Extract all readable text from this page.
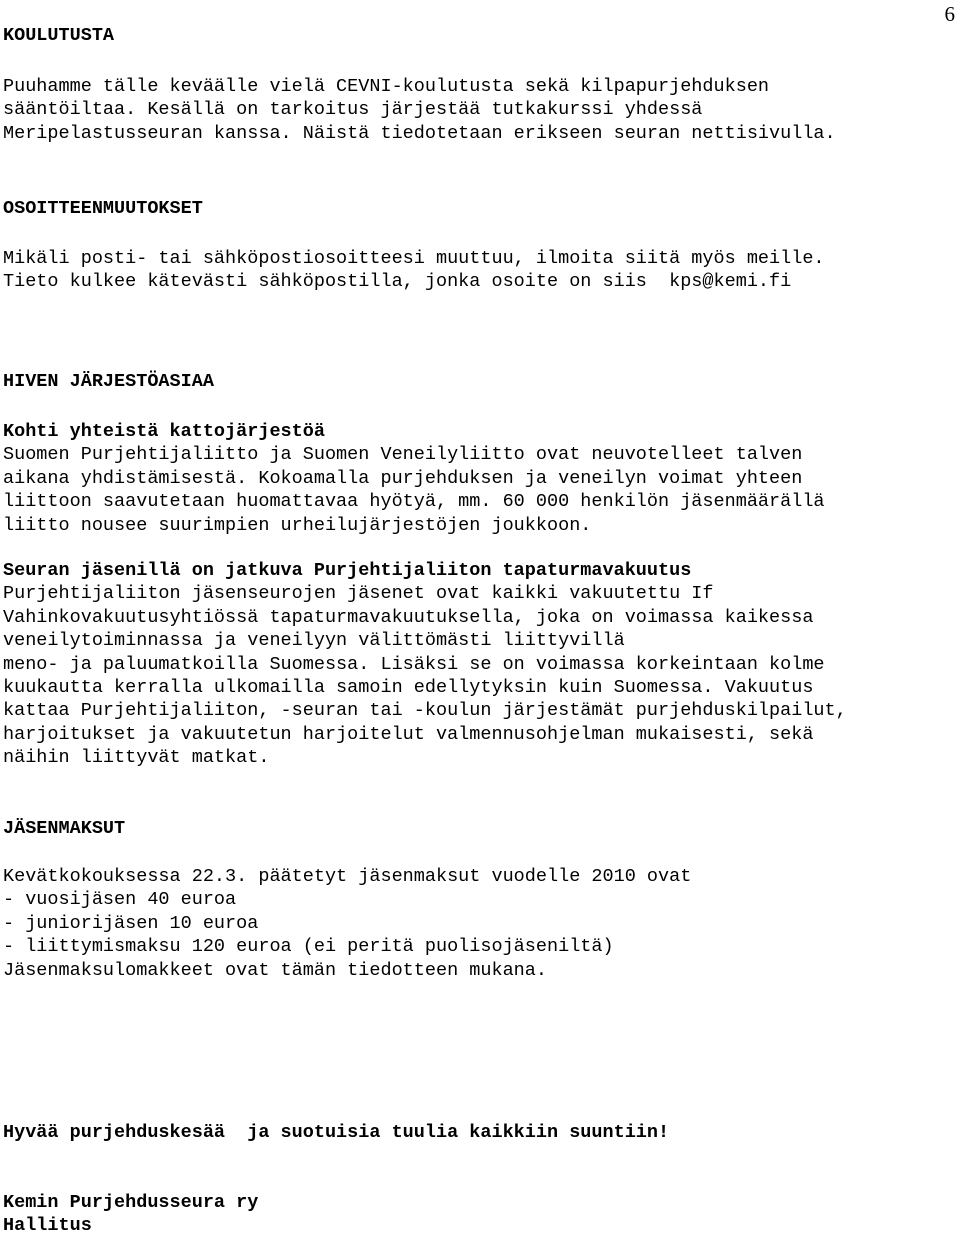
6
KOULUTUSTA
Puuhamme tälle keväälle vielä CEVNI-koulutusta sekä kilpapurjehduksen
sääntöiltaa. Kesällä on tarkoitus järjestää tutkakurssi yhdessä
Meripelastusseuran kanssa. Näistä tiedotetaan erikseen seuran nettisivulla.
OSOITTEENMUUTOKSET
Mikäli posti- tai sähköpostiosoitteesi muuttuu, ilmoita siitä myös meille.
Tieto kulkee kätevästi sähköpostilla, jonka osoite on siis  kps@kemi.fi
HIVEN JÄRJESTÖASIAA
Kohti yhteistä kattojärjestöä
Suomen Purjehtijaliitto ja Suomen Veneilyliitto ovat neuvotelleet talven
aikana yhdistämisestä. Kokoamalla purjehduksen ja veneilyn voimat yhteen
liittoon saavutetaan huomattavaa hyötyä, mm. 60 000 henkilön jäsenmäärällä
liitto nousee suurimpien urheilujärjestöjen joukkoon.
Seuran jäsenillä on jatkuva Purjehtijaliiton tapaturmavakuutus
Purjehtijaliiton jäsenseurojen jäsenet ovat kaikki vakuutettu If
Vahinkovakuutusyhtiössä tapaturmavakuutuksella, joka on voimassa kaikessa
veneilytoiminnassa ja veneilyyn välittömästi liittyvillä
meno- ja paluumatkoilla Suomessa. Lisäksi se on voimassa korkeintaan kolme
kuukautta kerralla ulkomailla samoin edellytyksin kuin Suomessa. Vakuutus
kattaa Purjehtijaliiton, -seuran tai -koulun järjestämät purjehduskilpailut,
harjoitukset ja vakuutetun harjoitelut valmennusohjelman mukaisesti, sekä
näihin liittyvät matkat.
JÄSENMAKSUT
Kevätkokouksessa 22.3. päätetyt jäsenmaksut vuodelle 2010 ovat
- vuosijäsen 40 euroa
- juniorijäsen 10 euroa
- liittymismaksu 120 euroa (ei peritä puolisojäseniltä)
Jäsenmaksulomakkeet ovat tämän tiedotteen mukana.
Hyvää purjehduskesää  ja suotuisia tuulia kaikkiin suuntiin!
Kemin Purjehdusseura ry
Hallitus
